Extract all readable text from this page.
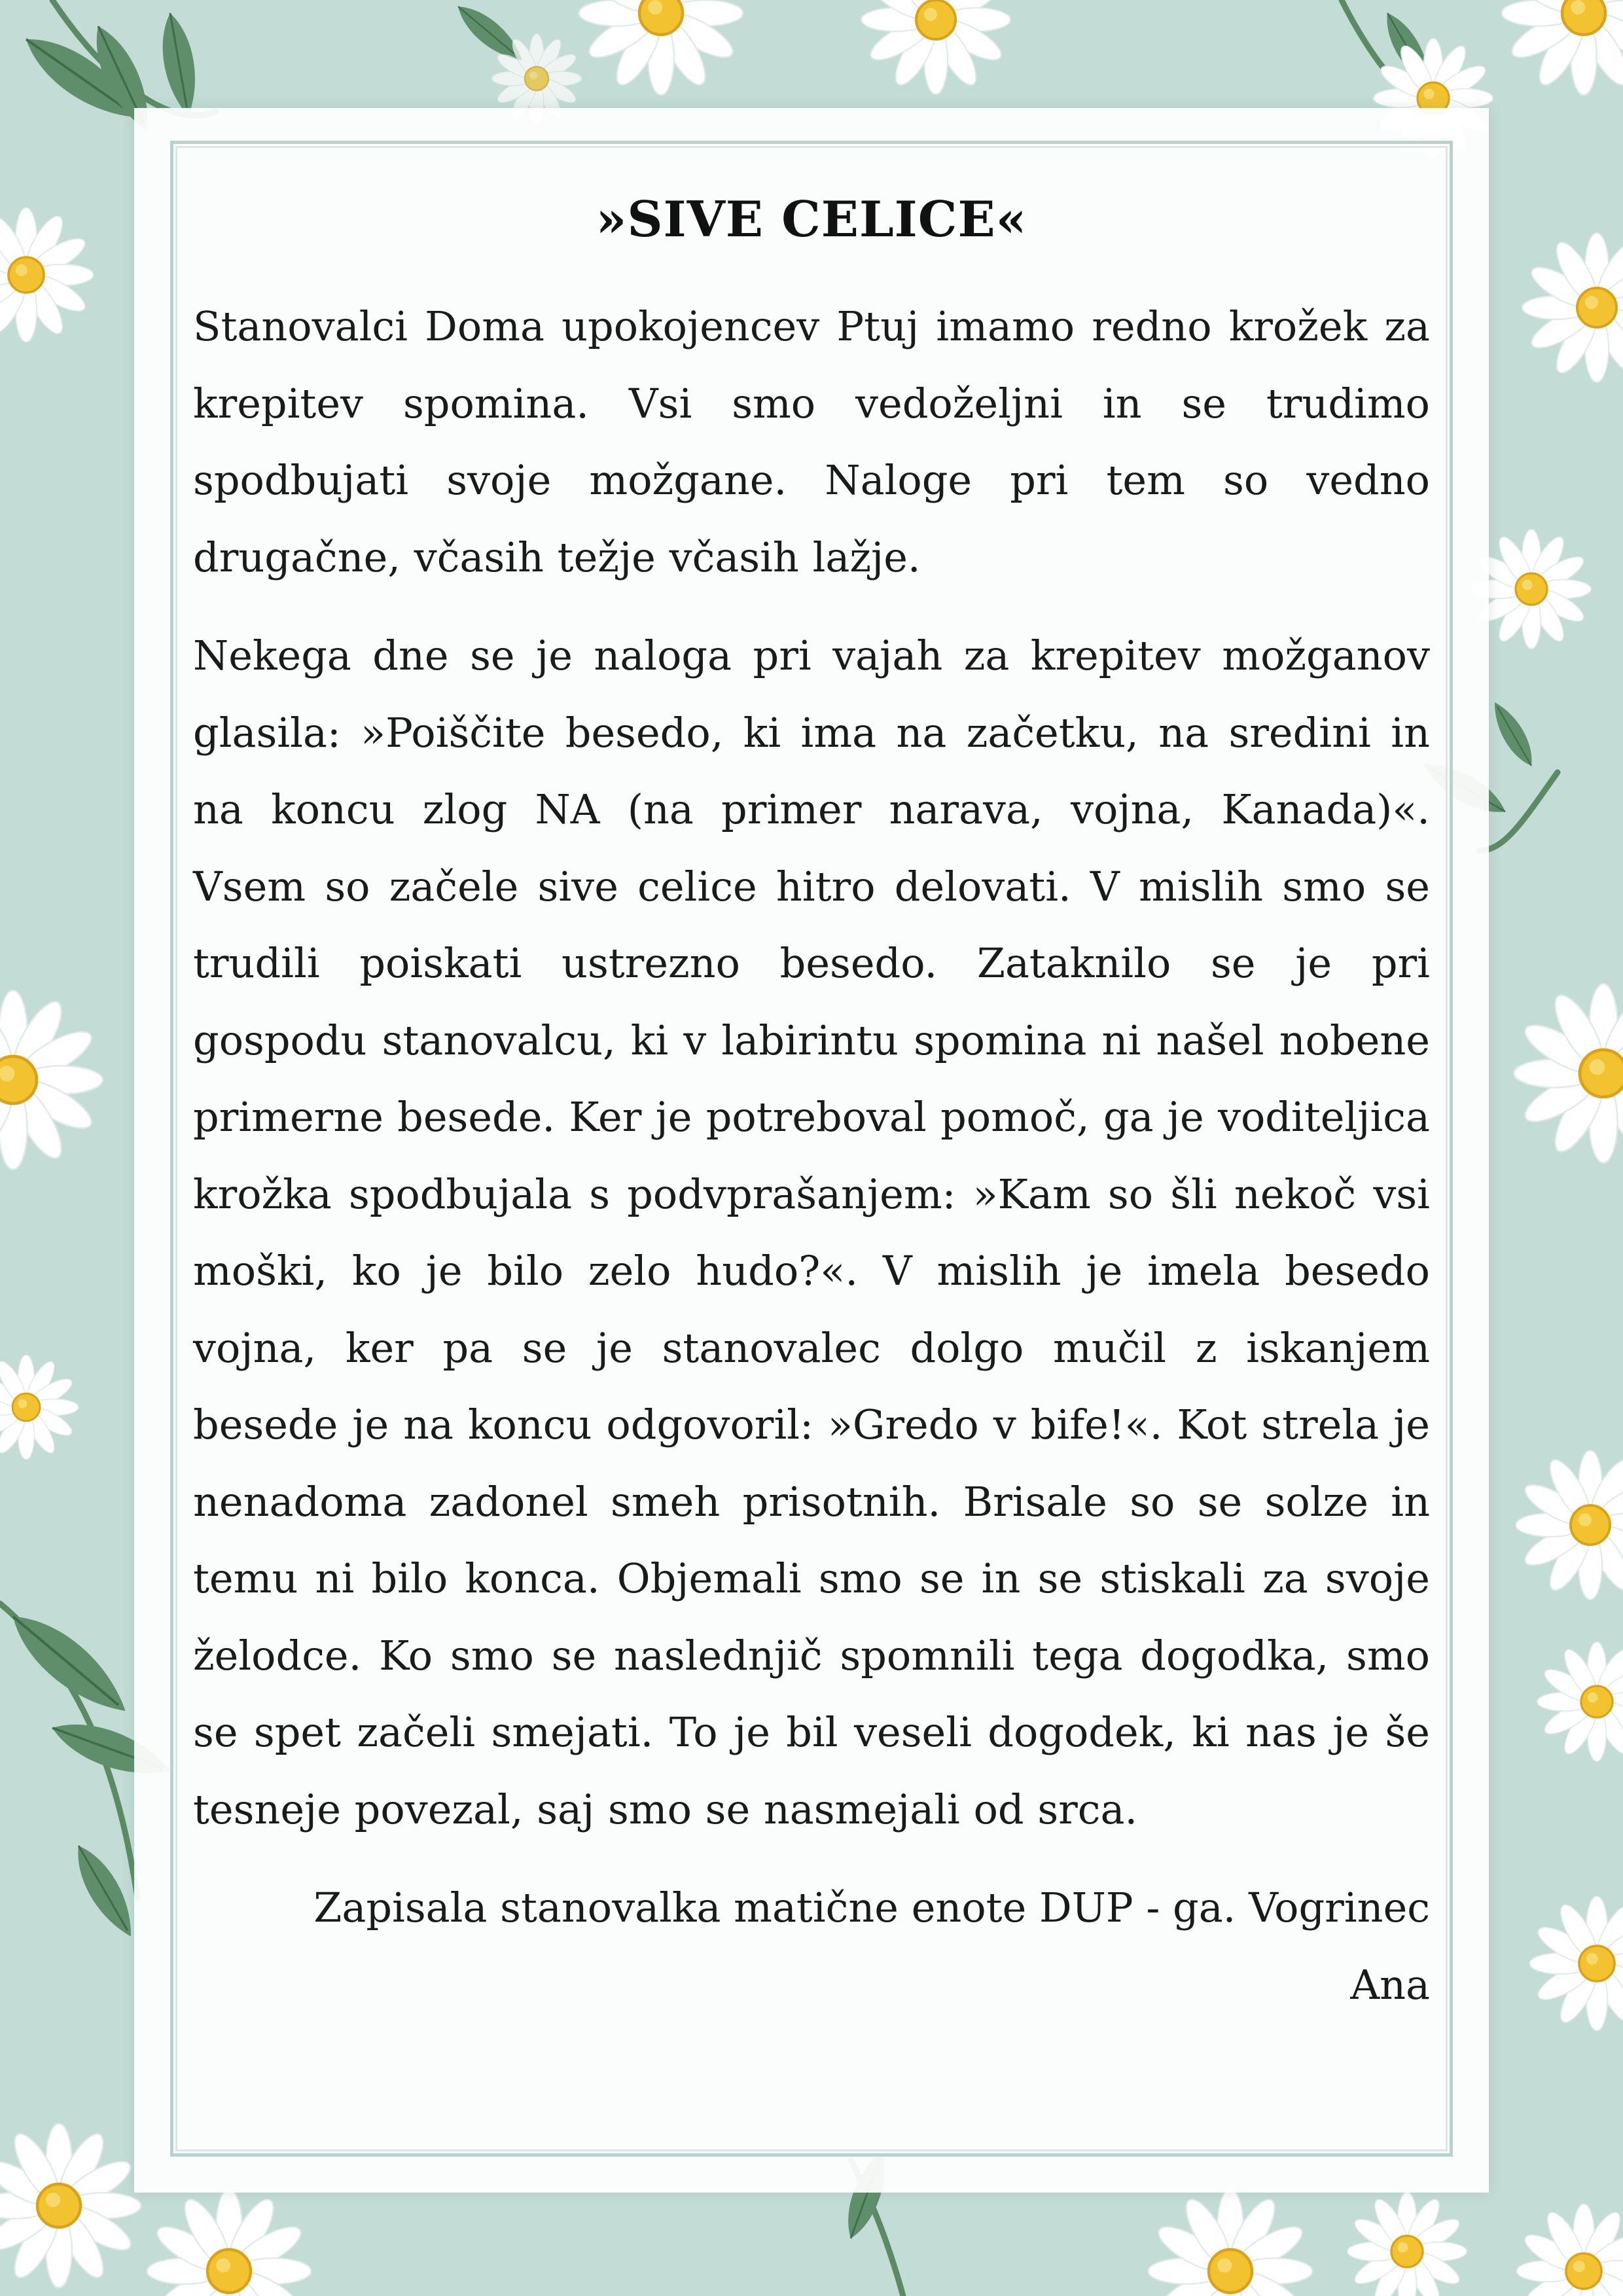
»SIVE CELICE«

Stanovalci Doma upokojencev Ptuj imamo redno krožek za krepitev spomina. Vsi smo vedoželjni in se trudimo spodbujati svoje možgane. Naloge pri tem so vedno drugačne, včasih težje včasih lažje.

Nekega dne se je naloga pri vajah za krepitev možganov glasila: »Poiščite besedo, ki ima na začetku, na sredini in na koncu zlog NA (na primer narava, vojna, Kanada)«. Vsem so začele sive celice hitro delovati. V mislih smo se trudili poiskati ustrezno besedo. Zataknilo se je pri gospodu stanovalcu, ki v labirintu spomina ni našel nobene primerne besede. Ker je potreboval pomoč, ga je voditeljica krožka spodbujala s podvprašanjem: »Kam so šli nekoč vsi moški, ko je bilo zelo hudo?«. V mislih je imela besedo vojna, ker pa se je stanovalec dolgo mučil z iskanjem besede je na koncu odgovoril: »Gredo v bife!«. Kot strela je nenadoma zadonel smeh prisotnih. Brisale so se solze in temu ni bilo konca. Objemali smo se in se stiskali za svoje želodce. Ko smo se naslednjič spomnili tega dogodka, smo se spet začeli smejati. To je bil veseli dogodek, ki nas je še tesneje povezal, saj smo se nasmejali od srca.

Zapisala stanovalka matične enote DUP - ga. Vogrinec Ana
